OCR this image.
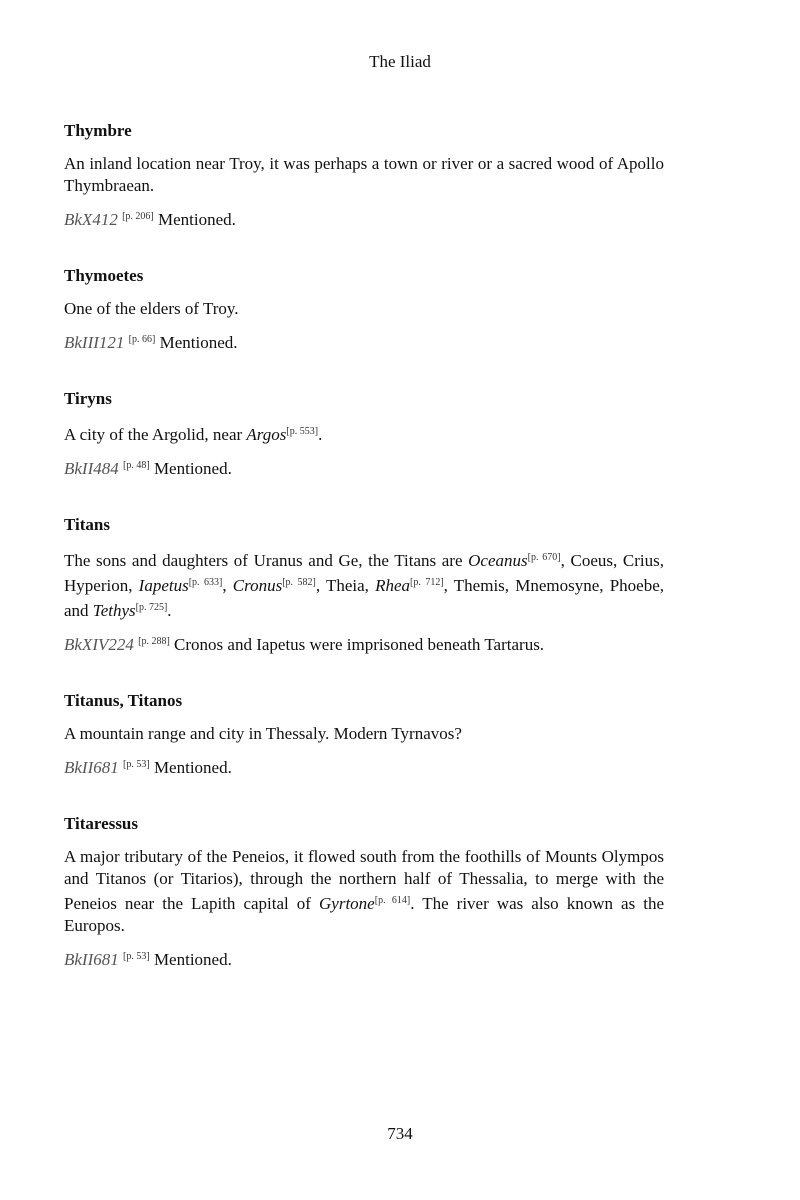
The Iliad
Thymbre
An inland location near Troy, it was perhaps a town or river or a sacred wood of Apollo Thymbraean.
BkX412 [p. 206] Mentioned.
Thymoetes
One of the elders of Troy.
BkIII121 [p. 66] Mentioned.
Tiryns
A city of the Argolid, near Argos[p. 553].
BkII484 [p. 48] Mentioned.
Titans
The sons and daughters of Uranus and Ge, the Titans are Oceanus[p. 670], Coeus, Crius, Hyperion, Iapetus[p. 633], Cronus[p. 582], Theia, Rhea[p. 712], Themis, Mnemosyne, Phoebe, and Tethys[p. 725].
BkXIV224 [p. 288] Cronos and Iapetus were imprisoned beneath Tartarus.
Titanus, Titanos
A mountain range and city in Thessaly. Modern Tyrnavos?
BkII681 [p. 53] Mentioned.
Titaressus
A major tributary of the Peneios, it flowed south from the foothills of Mounts Olympos and Titanos (or Titarios), through the northern half of Thessalia, to merge with the Peneios near the Lapith capital of Gyrtone[p. 614]. The river was also known as the Europos.
BkII681 [p. 53] Mentioned.
734
